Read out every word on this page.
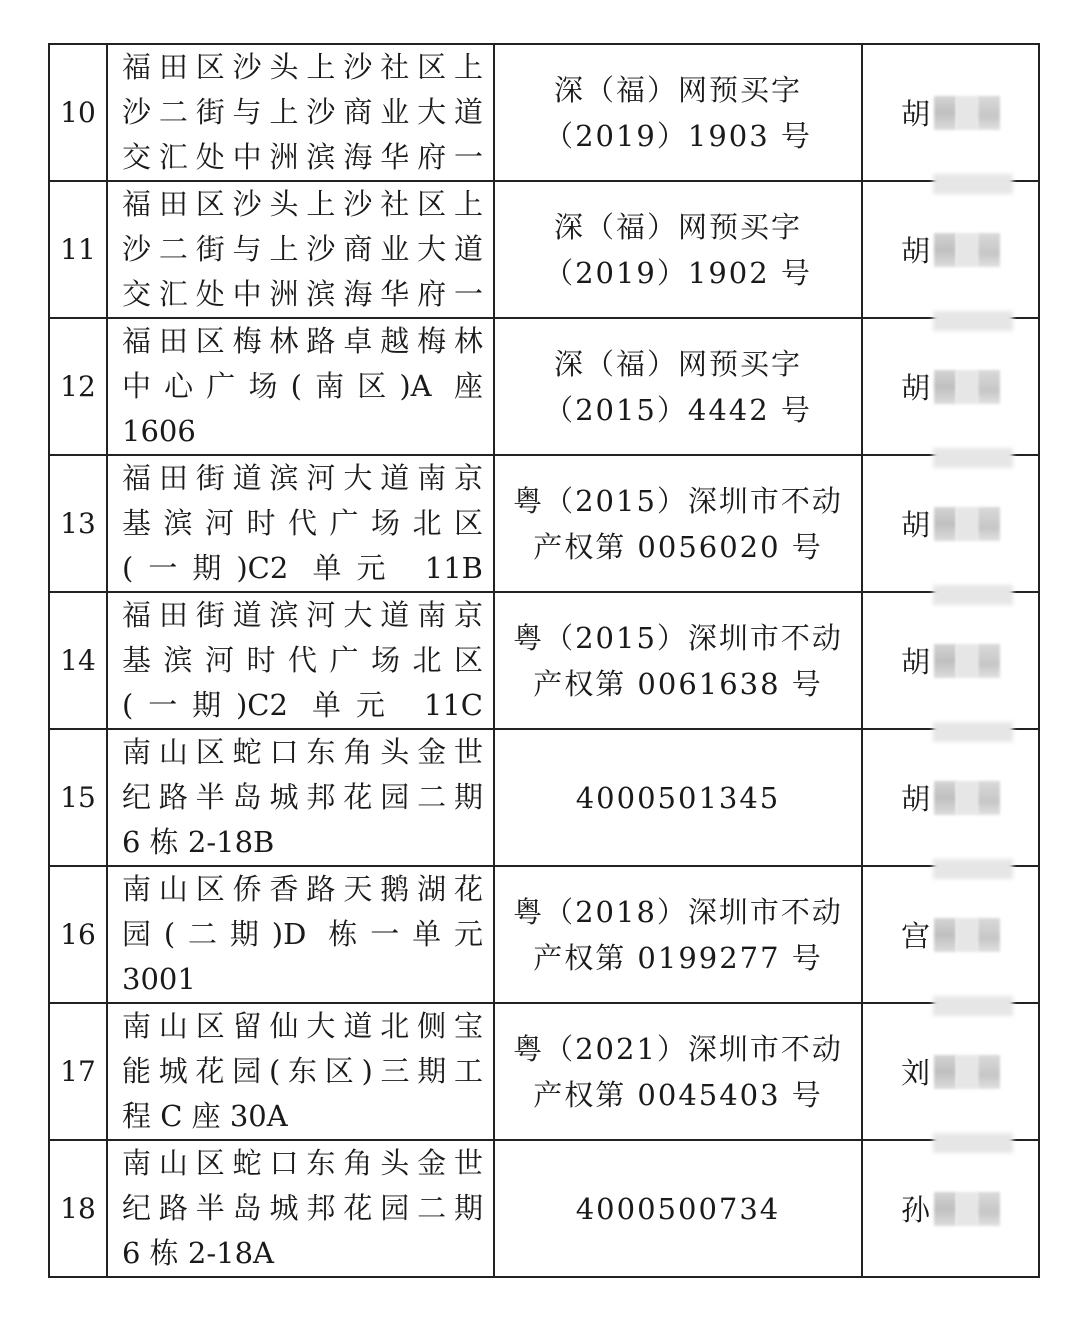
10	福田区沙头上沙社区上
沙二街与上沙商业大道
交汇处中洲滨海华府一	深（福）网预买字
（2019）1903 号	胡

11	福田区沙头上沙社区上
沙二街与上沙商业大道
交汇处中洲滨海华府一	深（福）网预买字
（2019）1902 号	胡

12	福田区梅林路卓越梅林
中心广场(南区)A 座
1606	深（福）网预买字
（2015）4442 号	胡

13	福田街道滨河大道南京
基滨河时代广场北区
(一期)C2 单元 11B	粤（2015）深圳市不动
产权第 0056020 号	胡

14	福田街道滨河大道南京
基滨河时代广场北区
(一期)C2 单元 11C	粤（2015）深圳市不动
产权第 0061638 号	胡

15	南山区蛇口东角头金世
纪路半岛城邦花园二期
6 栋 2-18B	4000501345	胡

16	南山区侨香路天鹅湖花
园(二期)D 栋一单元
3001	粤（2018）深圳市不动
产权第 0199277 号	宫

17	南山区留仙大道北侧宝
能城花园(东区)三期工
程 C 座 30A	粤（2021）深圳市不动
产权第 0045403 号	刘

18	南山区蛇口东角头金世
纪路半岛城邦花园二期
6 栋 2-18A	4000500734	孙
